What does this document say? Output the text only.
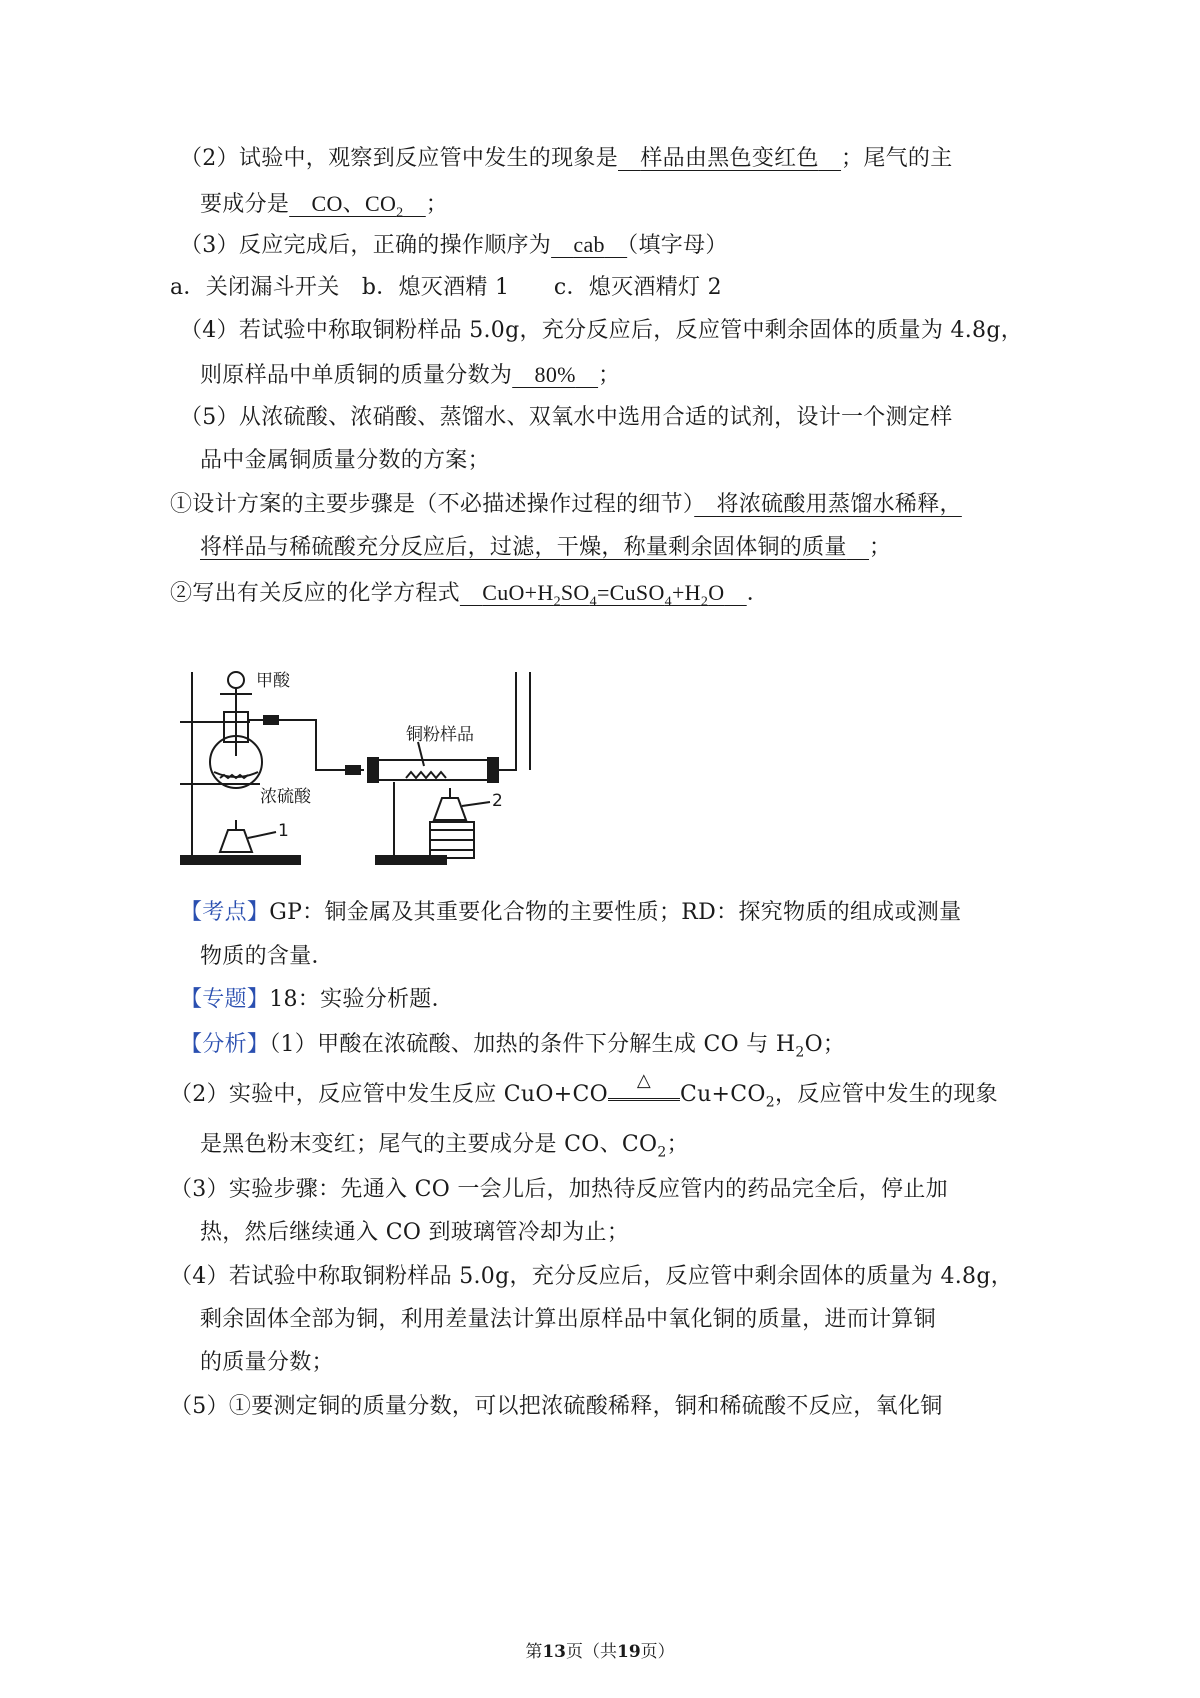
（2）试验中，观察到反应管中发生的现象是　 样品由黑色变红色　 ；尾气的主
要成分是　 CO、$CO_2$　 ；
（3）反应完成后，正确的操作顺序为　 cab　 （填字母）
a．关闭漏斗开关　b．熄灭酒精 1　　c．熄灭酒精灯 2
（4）若试验中称取铜粉样品 5.0g，充分反应后，反应管中剩余固体的质量为 4.8g，
则原样品中单质铜的质量分数为　 80%　 ；
（5）从浓硫酸、浓硝酸、蒸馏水、双氧水中选用合适的试剂，设计一个测定样
品中金属铜质量分数的方案；
①设计方案的主要步骤是（不必描述操作过程的细节）　 将浓硫酸用蒸馏水稀释，
将样品与稀硫酸充分反应后，过滤，干燥，称量剩余固体铜的质量　 ；
②写出有关反应的化学方程式　 $CuO+H_2SO_4=CuSO_4+H_2O$　 ．
甲酸
铜粉样品
浓硫酸
1
2
【考点】GP：铜金属及其重要化合物的主要性质；RD：探究物质的组成或测量
物质的含量．
【专题】18：实验分析题．
【分析】（1）甲酸在浓硫酸、加热的条件下分解生成 CO 与 $H_2O$；
（2）实验中，反应管中发生反应 CuO+CO
△
$Cu+CO_2$，反应管中发生的现象
是黑色粉末变红；尾气的主要成分是 CO、$CO_2$；
（3）实验步骤：先通入 CO 一会儿后，加热待反应管内的药品完全后，停止加
热，然后继续通入 CO 到玻璃管冷却为止；
（4）若试验中称取铜粉样品 5.0g，充分反应后，反应管中剩余固体的质量为 4.8g，
剩余固体全部为铜，利用差量法计算出原样品中氧化铜的质量，进而计算铜
的质量分数；
（5）①要测定铜的质量分数，可以把浓硫酸稀释，铜和稀硫酸不反应，氧化铜
第13页（共19页）
